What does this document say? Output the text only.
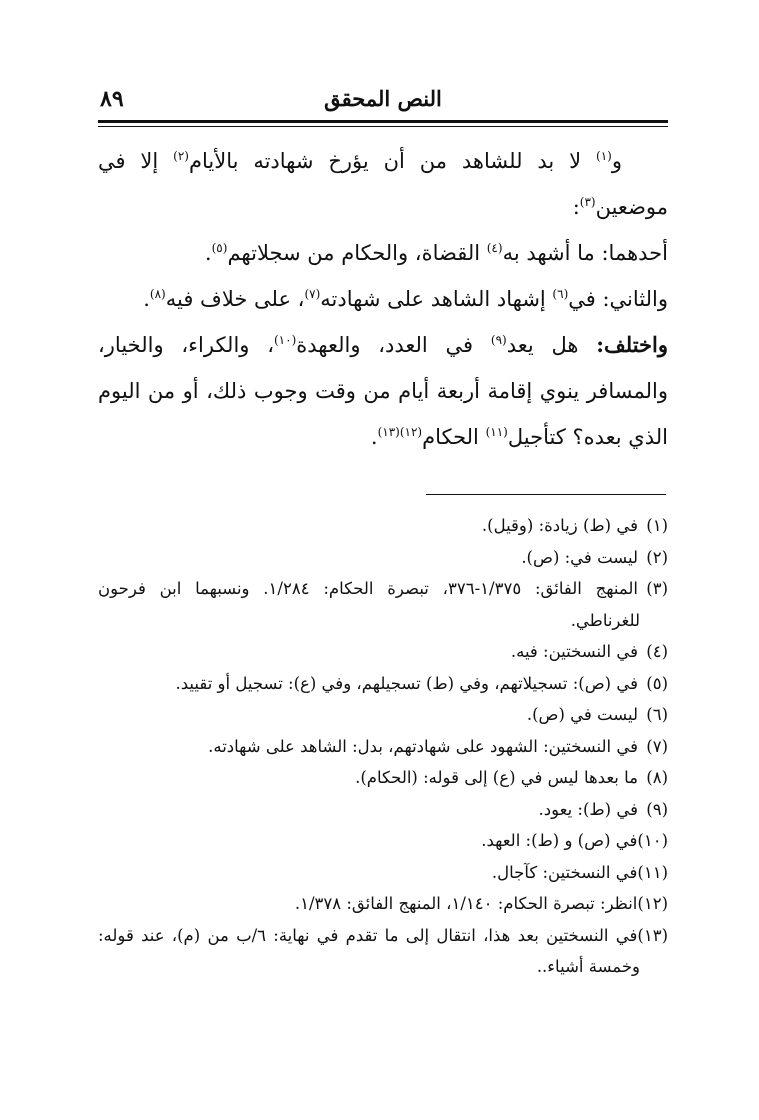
٨٩	النص المحقق

و$^{(١)}$ لا بد للشاهد من أن يؤرخ شهادته بالأيام$^{(٢)}$ إلا في موضعين$^{(٣)}$:

أحدهما: ما أشهد به$^{(٤)}$ القضاة، والحكام من سجلاتهم$^{(٥)}$.

والثاني: في$^{(٦)}$ إشهاد الشاهد على شهادته$^{(٧)}$، على خلاف فيه$^{(٨)}$.

واختلف: هل يعد$^{(٩)}$ في العدد، والعهدة$^{(١٠)}$، والكراء، والخيار، والمسافر ينوي إقامة أربعة أيام من وقت وجوب ذلك، أو من اليوم الذي بعده؟ كتأجيل$^{(١١)}$ الحكام$^{(١٢)(١٣)}$.

(١)في (ط) زيادة: (وقيل).

(٢)ليست في: (ص).

(٣)المنهج الفائق: ١/٣٧٥-٣٧٦، تبصرة الحكام: ١/٢٨٤. ونسبهما ابن فرحون

للغرناطي.

(٤)في النسختين: فيه.

(٥)في (ص): تسجيلاتهم، وفي (ط) تسجيلهم، وفي (ع): تسجيل أو تقييد.

(٦)ليست في (ص).

(٧)في النسختين: الشهود على شهادتهم، بدل: الشاهد على شهادته.

(٨)ما بعدها ليس في (ع) إلى قوله: (الحكام).

(٩)في (ط): يعود.

(١٠)في (ص) و (ط): العهد.

(١١)في النسختين: كآجال.

(١٢)انظر: تبصرة الحكام: ١/١٤٠، المنهج الفائق: ١/٣٧٨.

(١٣)في النسختين بعد هذا، انتقال إلى ما تقدم في نهاية: ٦/ب من (م)، عند قوله:

وخمسة أشياء..
